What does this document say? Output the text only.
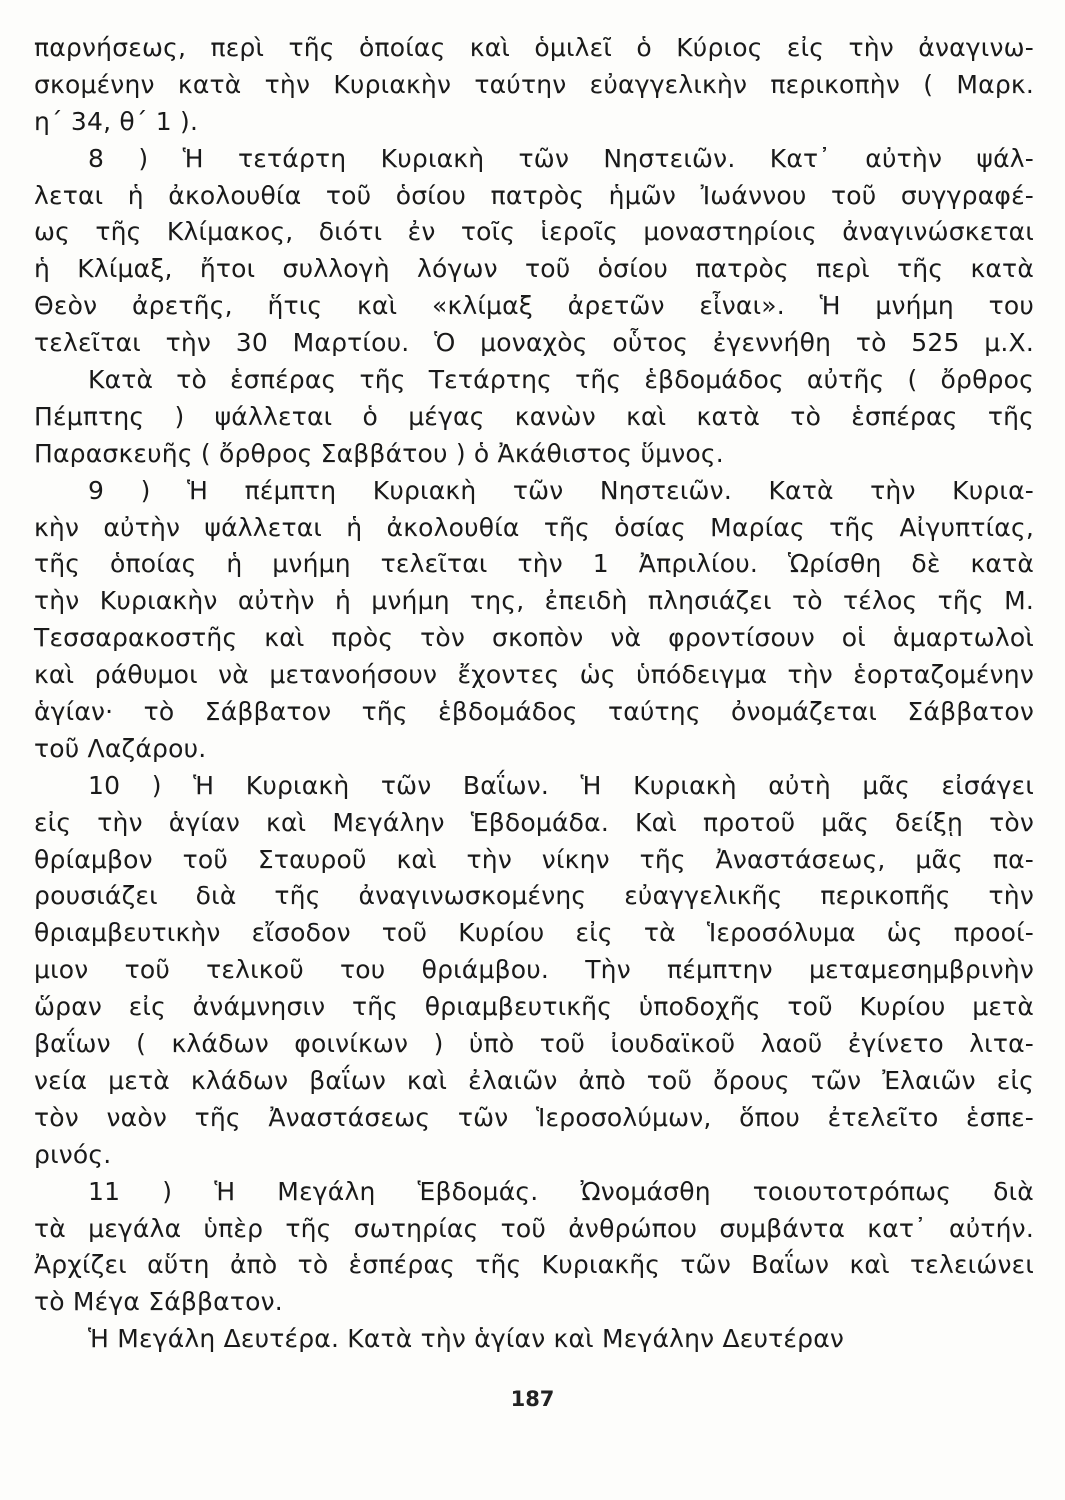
παρνήσεως, περὶ τῆς ὁποίας καὶ ὁμιλεῖ ὁ Κύριος εἰς τὴν ἀναγινω-
σκομένην κατὰ τὴν Κυριακὴν ταύτην εὐαγγελικὴν περικοπὴν ( Μαρκ.
η΄ 34, θ΄ 1 ).
8 ) Ἡ τετάρτη Κυριακὴ τῶν Νηστειῶν. Κατ᾽ αὐτὴν ψάλ-
λεται ἡ ἀκολουθία τοῦ ὁσίου πατρὸς ἡμῶν Ἰωάννου τοῦ συγγραφέ-
ως τῆς Κλίμακος, διότι ἐν τοῖς ἱεροῖς μοναστηρίοις ἀναγινώσκεται
ἡ Κλίμαξ, ἤτοι συλλογὴ λόγων τοῦ ὁσίου πατρὸς περὶ τῆς κατὰ
Θεὸν ἀρετῆς, ἥτις καὶ «κλίμαξ ἀρετῶν εἶναι». Ἡ μνήμη του
τελεῖται τὴν 30 Μαρτίου. Ὁ μοναχὸς οὗτος ἐγεννήθη τὸ 525 μ.Χ.
Κατὰ τὸ ἑσπέρας τῆς Τετάρτης τῆς ἑβδομάδος αὐτῆς ( ὄρθρος
Πέμπτης ) ψάλλεται ὁ μέγας κανὼν καὶ κατὰ τὸ ἑσπέρας τῆς
Παρασκευῆς ( ὄρθρος Σαββάτου ) ὁ Ἀκάθιστος ὕμνος.
9 ) Ἡ πέμπτη Κυριακὴ τῶν Νηστειῶν. Κατὰ τὴν Κυρια-
κὴν αὐτὴν ψάλλεται ἡ ἀκολουθία τῆς ὁσίας Μαρίας τῆς Αἰγυπτίας,
τῆς ὁποίας ἡ μνήμη τελεῖται τὴν 1 Ἀπριλίου. Ὡρίσθη δὲ κατὰ
τὴν Κυριακὴν αὐτὴν ἡ μνήμη της, ἐπειδὴ πλησιάζει τὸ τέλος τῆς Μ.
Τεσσαρακοστῆς καὶ πρὸς τὸν σκοπὸν νὰ φροντίσουν οἱ ἁμαρτωλοὶ
καὶ ράθυμοι νὰ μετανοήσουν ἔχοντες ὡς ὑπόδειγμα τὴν ἑορταζομένην
ἁγίαν· τὸ Σάββατον τῆς ἑβδομάδος ταύτης ὀνομάζεται Σάββατον
τοῦ Λαζάρου.
10 ) Ἡ Κυριακὴ τῶν Βαΐων. Ἡ Κυριακὴ αὐτὴ μᾶς εἰσάγει
εἰς τὴν ἁγίαν καὶ Μεγάλην Ἑβδομάδα. Καὶ προτοῦ μᾶς δείξῃ τὸν
θρίαμβον τοῦ Σταυροῦ καὶ τὴν νίκην τῆς Ἀναστάσεως, μᾶς πα-
ρουσιάζει διὰ τῆς ἀναγινωσκομένης εὐαγγελικῆς περικοπῆς τὴν
θριαμβευτικὴν εἴσοδον τοῦ Κυρίου εἰς τὰ Ἱεροσόλυμα ὡς προοί-
μιον τοῦ τελικοῦ του θριάμβου. Τὴν πέμπτην μεταμεσημβρινὴν
ὥραν εἰς ἀνάμνησιν τῆς θριαμβευτικῆς ὑποδοχῆς τοῦ Κυρίου μετὰ
βαΐων ( κλάδων φοινίκων ) ὑπὸ τοῦ ἰουδαϊκοῦ λαοῦ ἐγίνετο λιτα-
νεία μετὰ κλάδων βαΐων καὶ ἐλαιῶν ἀπὸ τοῦ ὄρους τῶν Ἐλαιῶν εἰς
τὸν ναὸν τῆς Ἀναστάσεως τῶν Ἱεροσολύμων, ὅπου ἐτελεῖτο ἑσπε-
ρινός.
11 ) Ἡ Μεγάλη Ἑβδομάς. Ὠνομάσθη τοιουτοτρόπως διὰ
τὰ μεγάλα ὑπὲρ τῆς σωτηρίας τοῦ ἀνθρώπου συμβάντα κατ᾽ αὐτήν.
Ἀρχίζει αὕτη ἀπὸ τὸ ἑσπέρας τῆς Κυριακῆς τῶν Βαΐων καὶ τελειώνει
τὸ Μέγα Σάββατον.
Ἡ Μεγάλη Δευτέρα. Κατὰ τὴν ἁγίαν καὶ Μεγάλην Δευτέραν
187
